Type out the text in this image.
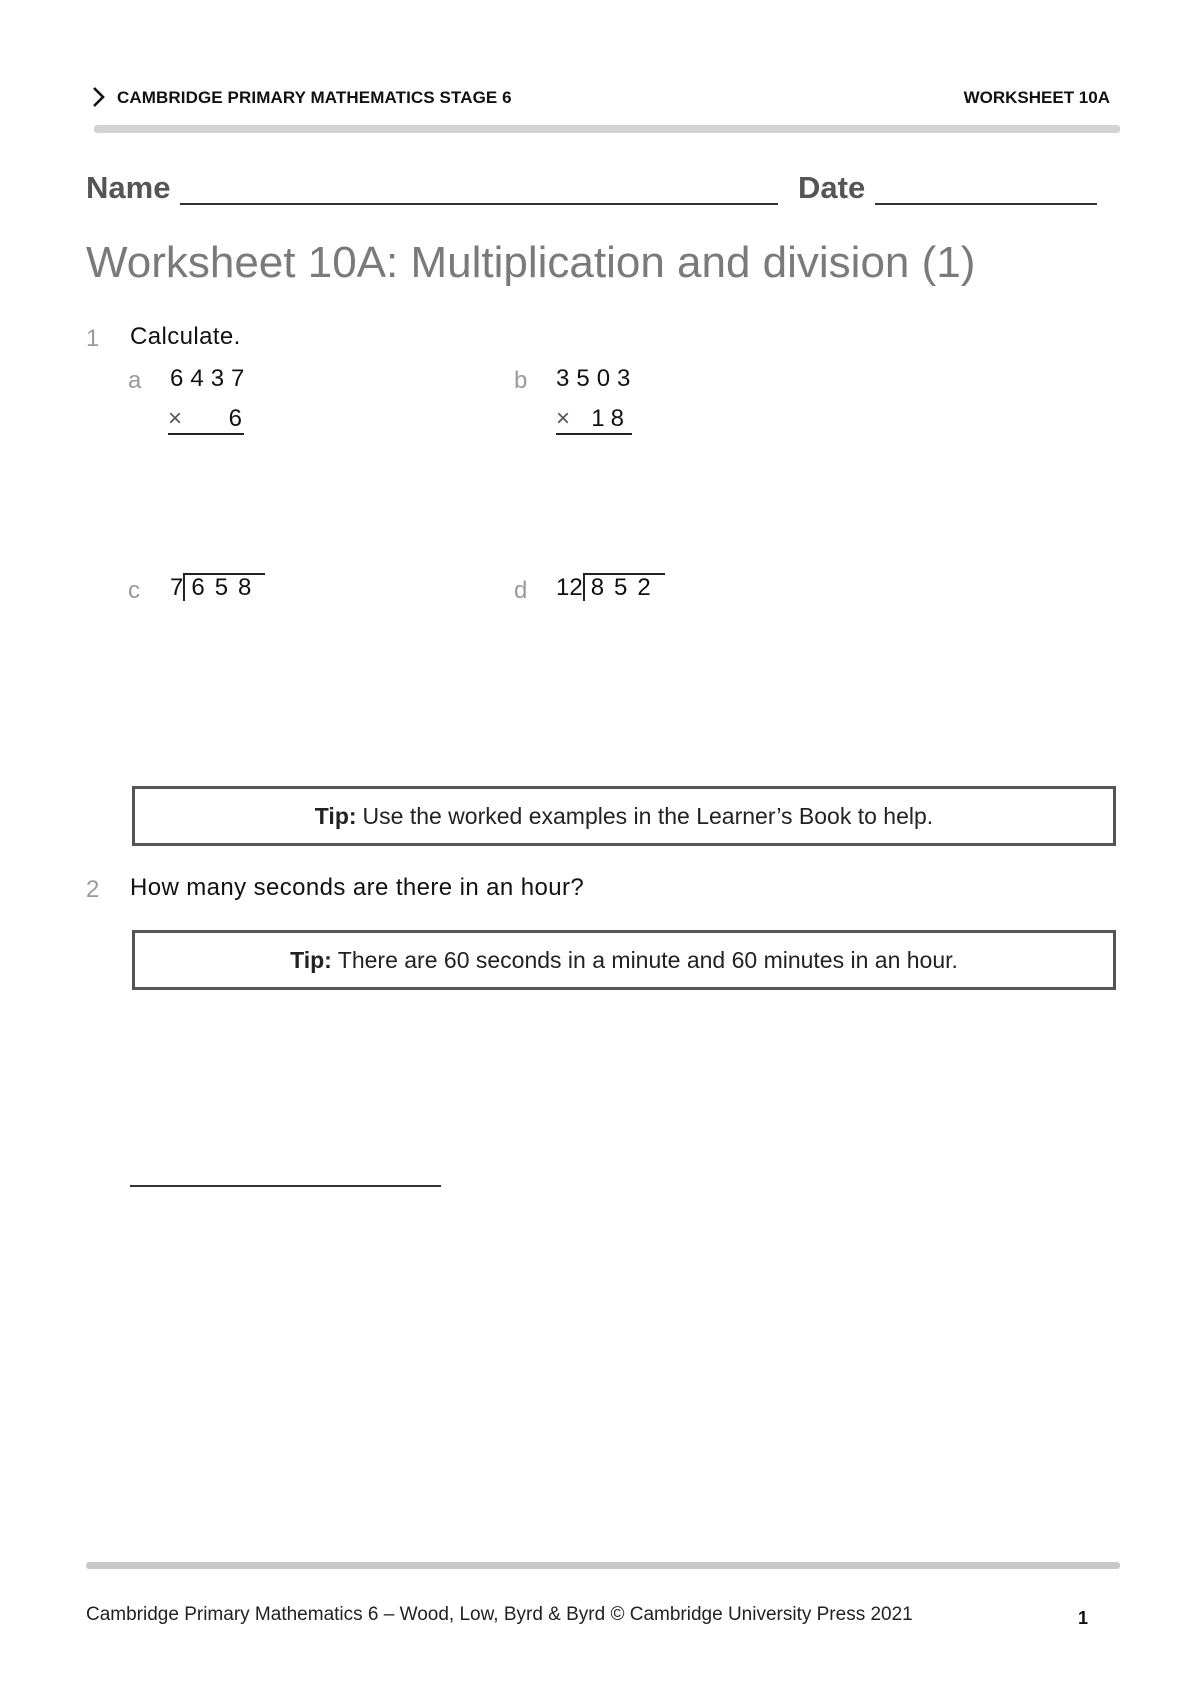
CAMBRIDGE PRIMARY MATHEMATICS STAGE 6	WORKSHEET 10A
Name	Date
Worksheet 10A: Multiplication and division (1)
1 Calculate.
a 6437
× 6
b 3503
× 18
c 7 658	d 12 852
Tip: Use the worked examples in the Learner’s Book to help.
2 How many seconds are there in an hour?
Tip: There are 60 seconds in a minute and 60 minutes in an hour.
Cambridge Primary Mathematics 6 – Wood, Low, Byrd & Byrd © Cambridge University Press 2021	1
